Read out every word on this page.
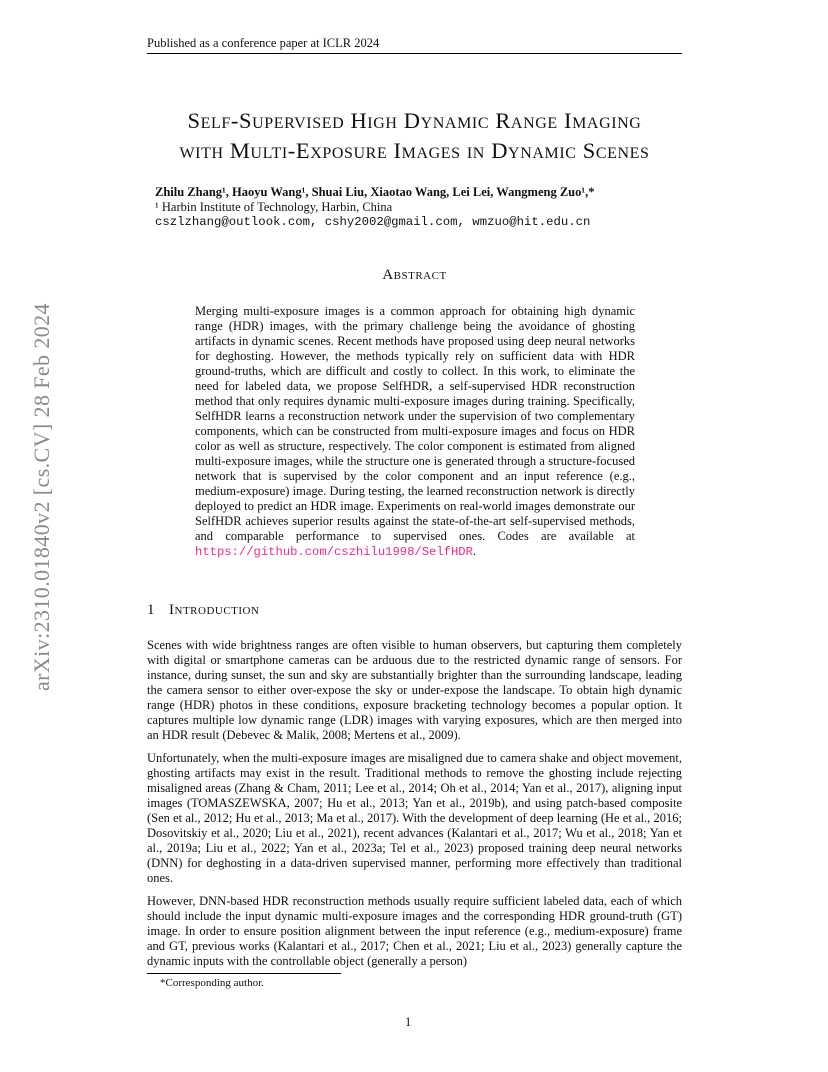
Published as a conference paper at ICLR 2024
Self-Supervised High Dynamic Range Imaging
with Multi-Exposure Images in Dynamic Scenes
Zhilu Zhang¹, Haoyu Wang¹, Shuai Liu, Xiaotao Wang, Lei Lei, Wangmeng Zuo¹,*
¹ Harbin Institute of Technology, Harbin, China
cszlzhang@outlook.com, cshy2002@gmail.com, wmzuo@hit.edu.cn
Abstract
Merging multi-exposure images is a common approach for obtaining high dynamic range (HDR) images, with the primary challenge being the avoidance of ghosting artifacts in dynamic scenes. Recent methods have proposed using deep neural networks for deghosting. However, the methods typically rely on sufficient data with HDR ground-truths, which are difficult and costly to collect. In this work, to eliminate the need for labeled data, we propose SelfHDR, a self-supervised HDR reconstruction method that only requires dynamic multi-exposure images during training. Specifically, SelfHDR learns a reconstruction network under the supervision of two complementary components, which can be constructed from multi-exposure images and focus on HDR color as well as structure, respectively. The color component is estimated from aligned multi-exposure images, while the structure one is generated through a structure-focused network that is supervised by the color component and an input reference (e.g., medium-exposure) image. During testing, the learned reconstruction network is directly deployed to predict an HDR image. Experiments on real-world images demonstrate our SelfHDR achieves superior results against the state-of-the-art self-supervised methods, and comparable performance to supervised ones. Codes are available at https://github.com/cszhilu1998/SelfHDR.
1 Introduction
Scenes with wide brightness ranges are often visible to human observers, but capturing them completely with digital or smartphone cameras can be arduous due to the restricted dynamic range of sensors. For instance, during sunset, the sun and sky are substantially brighter than the surrounding landscape, leading the camera sensor to either over-expose the sky or under-expose the landscape. To obtain high dynamic range (HDR) photos in these conditions, exposure bracketing technology becomes a popular option. It captures multiple low dynamic range (LDR) images with varying exposures, which are then merged into an HDR result (Debevec & Malik, 2008; Mertens et al., 2009).
Unfortunately, when the multi-exposure images are misaligned due to camera shake and object movement, ghosting artifacts may exist in the result. Traditional methods to remove the ghosting include rejecting misaligned areas (Zhang & Cham, 2011; Lee et al., 2014; Oh et al., 2014; Yan et al., 2017), aligning input images (TOMASZEWSKA, 2007; Hu et al., 2013; Yan et al., 2019b), and using patch-based composite (Sen et al., 2012; Hu et al., 2013; Ma et al., 2017). With the development of deep learning (He et al., 2016; Dosovitskiy et al., 2020; Liu et al., 2021), recent advances (Kalantari et al., 2017; Wu et al., 2018; Yan et al., 2019a; Liu et al., 2022; Yan et al., 2023a; Tel et al., 2023) proposed training deep neural networks (DNN) for deghosting in a data-driven supervised manner, performing more effectively than traditional ones.
However, DNN-based HDR reconstruction methods usually require sufficient labeled data, each of which should include the input dynamic multi-exposure images and the corresponding HDR ground-truth (GT) image. In order to ensure position alignment between the input reference (e.g., medium-exposure) frame and GT, previous works (Kalantari et al., 2017; Chen et al., 2021; Liu et al., 2023) generally capture the dynamic inputs with the controllable object (generally a person)
*Corresponding author.
1
arXiv:2310.01840v2 [cs.CV] 28 Feb 2024
